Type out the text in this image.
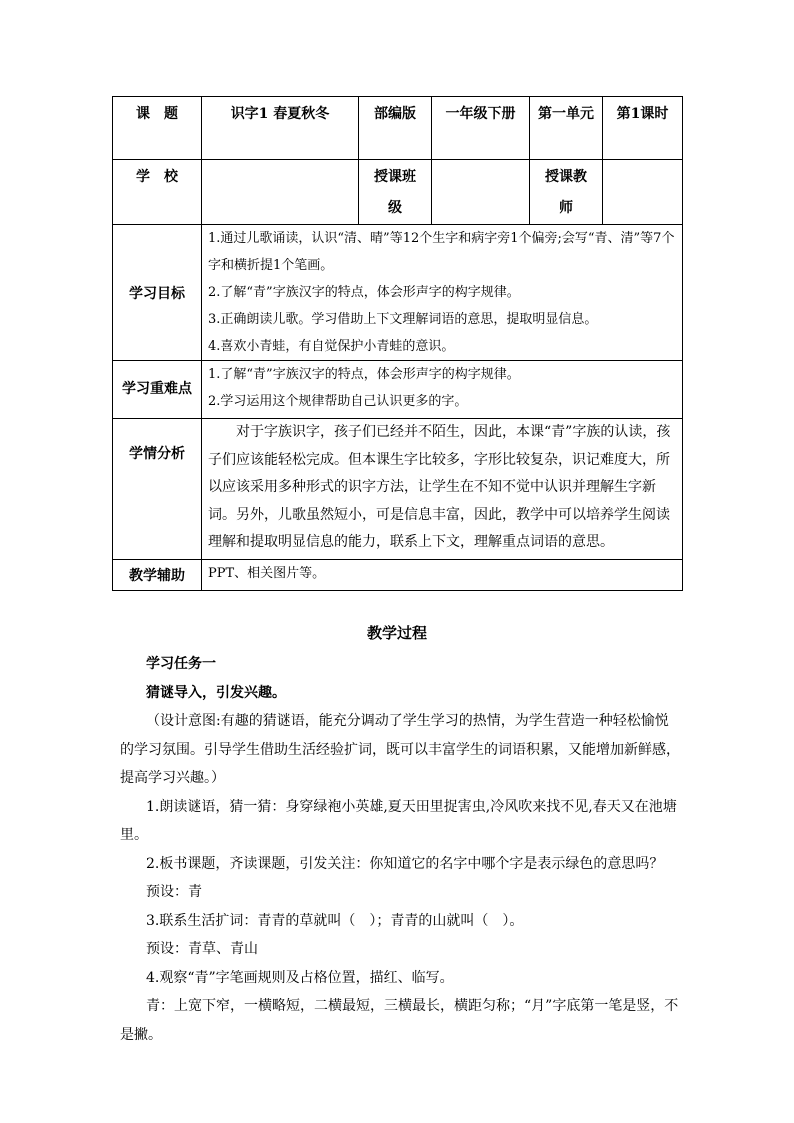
课　题	识字1 春夏秋冬	部编版	一年级下册	第一单元	第1课时
学　校		授课班级		授课教师	
学习目标	1.通过儿歌诵读，认识“清、晴”等12个生字和病字旁1个偏旁;会写“青、清”等7个字和横折提1个笔画。

2.了解“青”字族汉字的特点，体会形声字的构字规律。

3.正确朗读儿歌。学习借助上下文理解词语的意思，提取明显信息。

4.喜欢小青蛙，有自觉保护小青蛙的意识。				

学习重难点	1.了解“青”字族汉字的特点，体会形声字的构字规律。

2.学习运用这个规律帮助自己认识更多的字。				

学情分析	对于字族识字，孩子们已经并不陌生，因此，本课“青”字族的认读，孩子们应该能轻松完成。但本课生字比较多，字形比较复杂，识记难度大，所以应该采用多种形式的识字方法，让学生在不知不觉中认识并理解生字新词。另外，儿歌虽然短小，可是信息丰富，因此，教学中可以培养学生阅读理解和提取明显信息的能力，联系上下文，理解重点词语的意思。				

教学辅助	PPT、相关图片等。				
教学过程

学习任务一

猜谜导入，引发兴趣。

（设计意图:有趣的猜谜语，能充分调动了学生学习的热情，为学生营造一种轻松愉悦的学习氛围。引导学生借助生活经验扩词，既可以丰富学生的词语积累，又能增加新鲜感，提高学习兴趣。）

1.朗读谜语，猜一猜：身穿绿袍小英雄,夏天田里捉害虫,冷风吹来找不见,春天又在池塘里。

2.板书课题，齐读课题，引发关注：你知道它的名字中哪个字是表示绿色的意思吗？

预设：青

3.联系生活扩词：青青的草就叫（　）；青青的山就叫（　）。

预设：青草、青山

4.观察“青”字笔画规则及占格位置，描红、临写。

青：上宽下窄，一横略短，二横最短，三横最长，横距匀称；“月”字底第一笔是竖，不是撇。
